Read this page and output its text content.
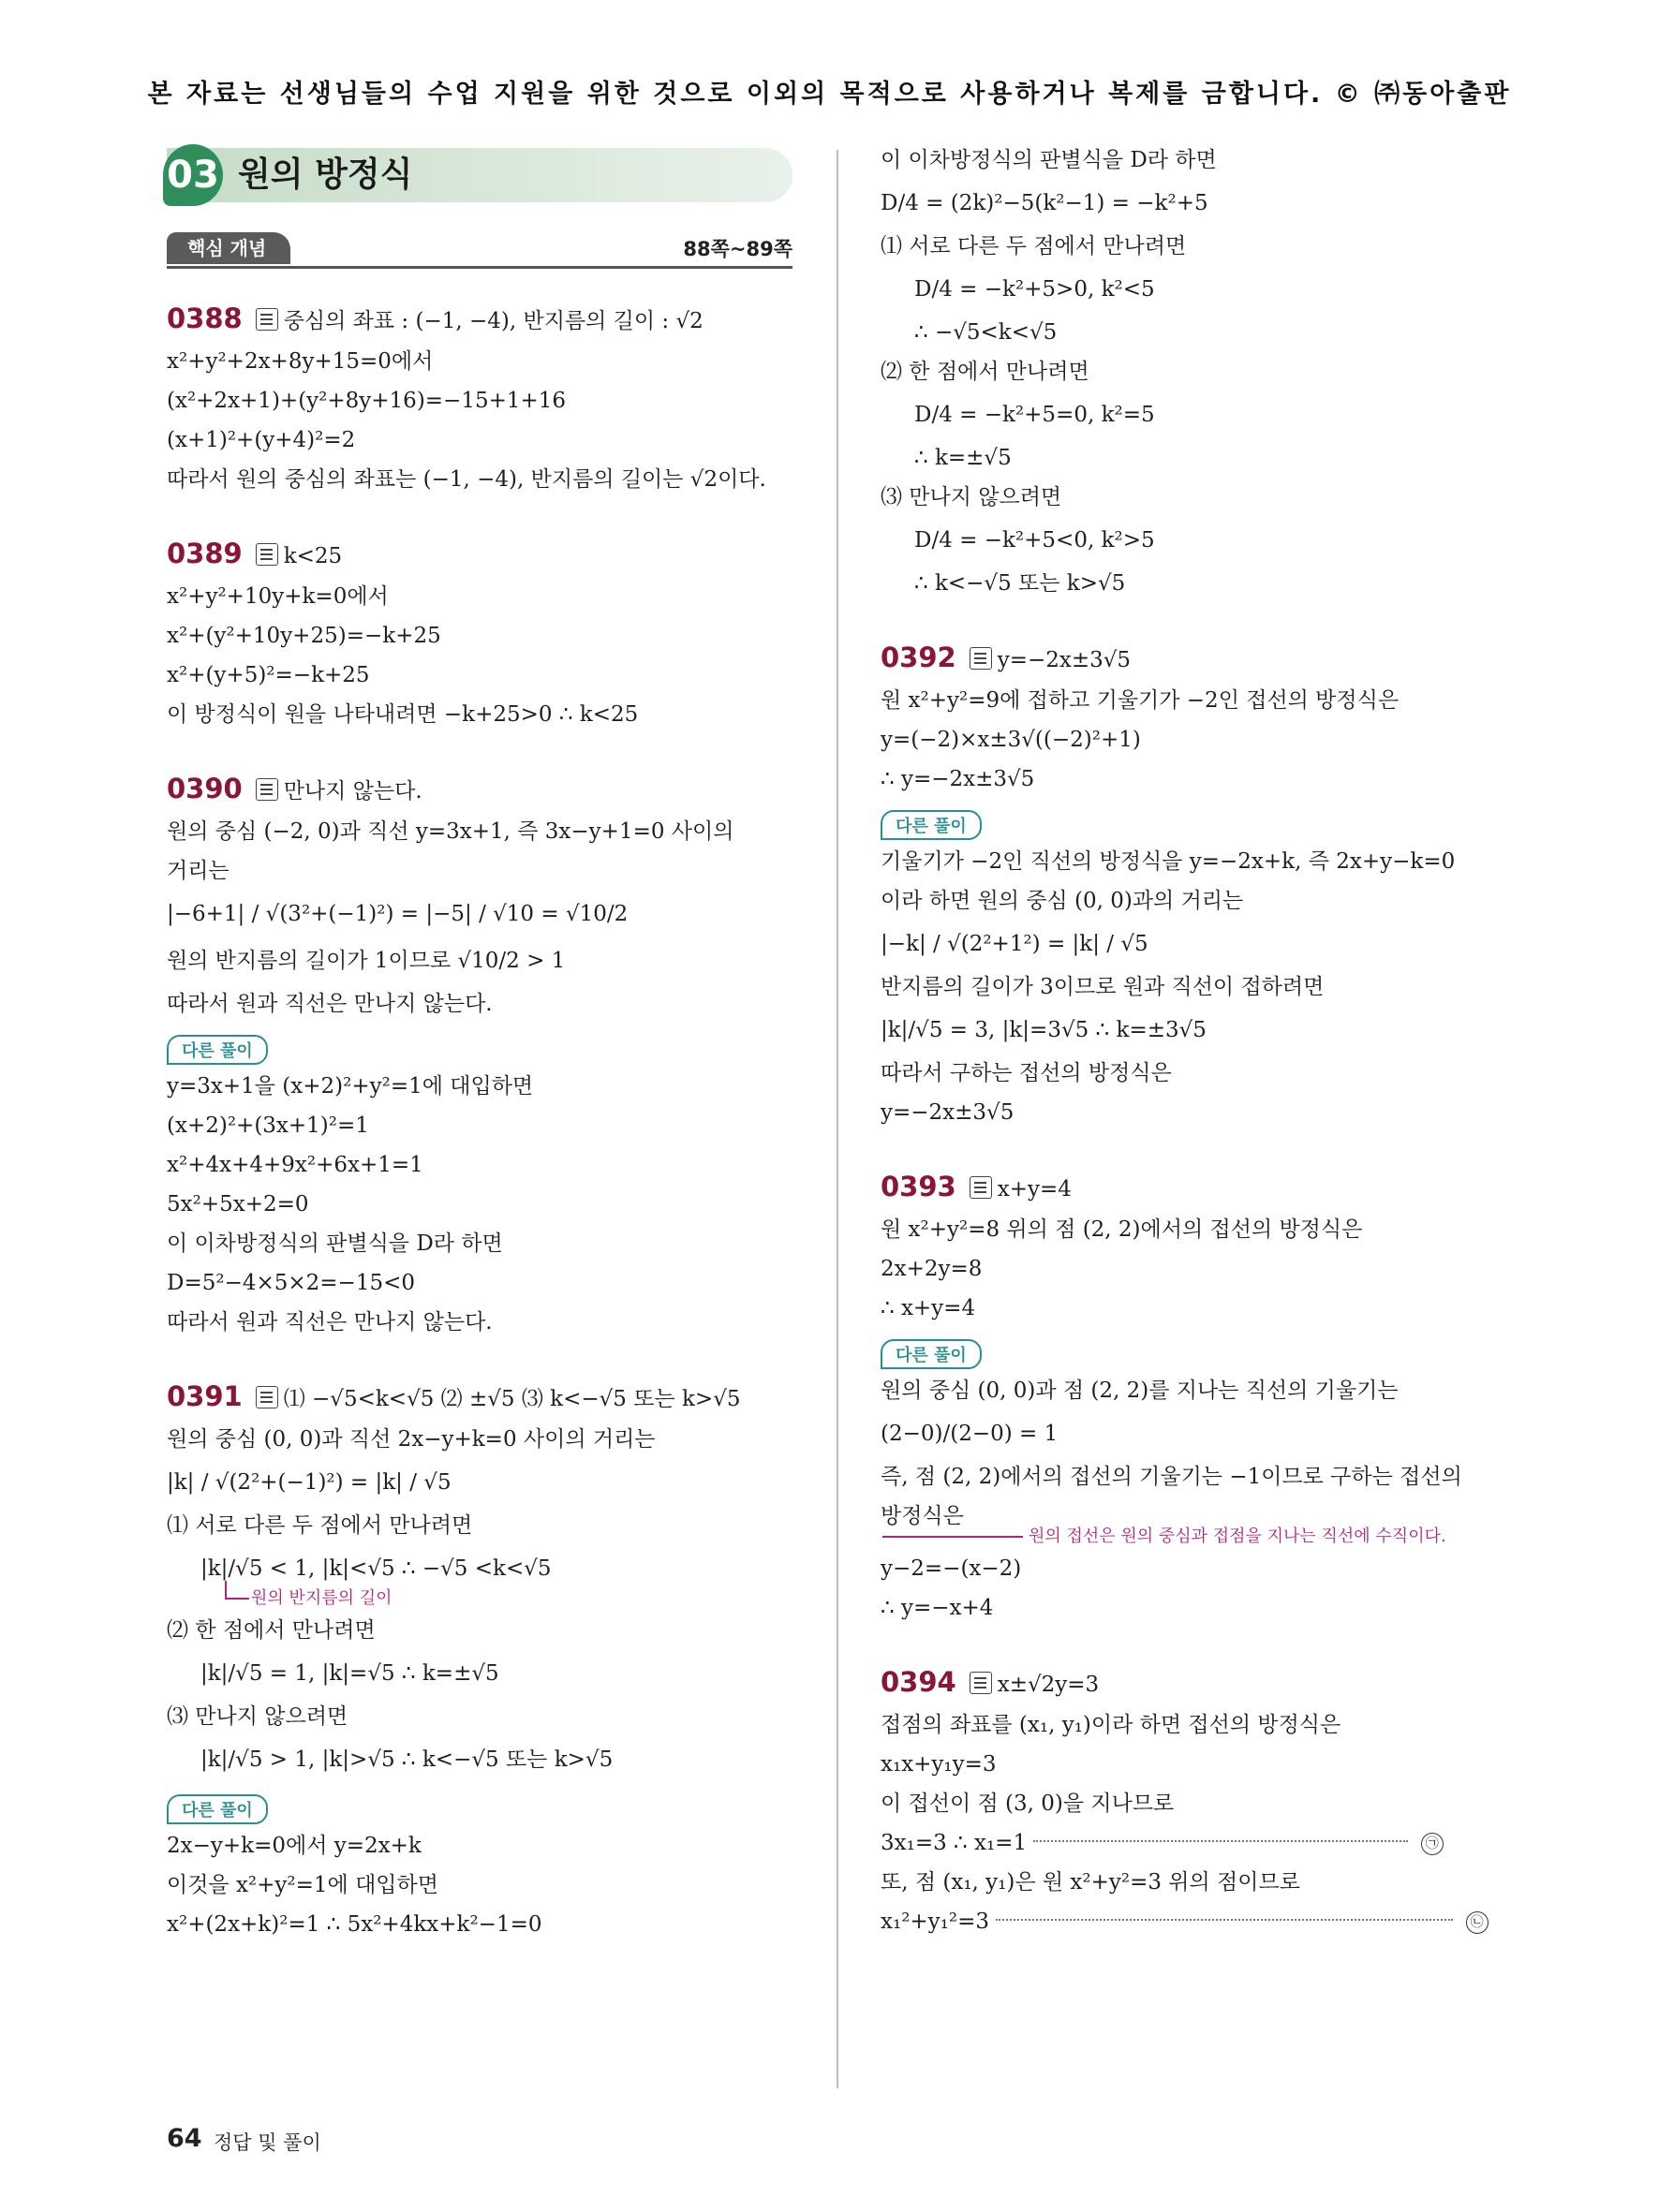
본 자료는 선생님들의 수업 지원을 위한 것으로 이외의 목적으로 사용하거나 복제를 금합니다. © ㈜동아출판
03 원의 방정식
핵심 개념	88쪽~89쪽
0388 중심의 좌표 : (−1, −4), 반지름의 길이 : √2
x²+y²+2x+8y+15=0에서
(x²+2x+1)+(y²+8y+16)=−15+1+16
(x+1)²+(y+4)²=2
따라서 원의 중심의 좌표는 (−1, −4), 반지름의 길이는 √2이다.
0389 k<25
x²+y²+10y+k=0에서
x²+(y²+10y+25)=−k+25
x²+(y+5)²=−k+25
이 방정식이 원을 나타내려면 −k+25>0 ∴ k<25
0390 만나지 않는다.
원의 중심 (−2, 0)과 직선 y=3x+1, 즉 3x−y+1=0 사이의
거리는
|−6+1| / √(3²+(−1)²) = |−5| / √10 = √10/2
원의 반지름의 길이가 1이므로 √10/2 > 1
따라서 원과 직선은 만나지 않는다.
다른 풀이
y=3x+1을 (x+2)²+y²=1에 대입하면
(x+2)²+(3x+1)²=1
x²+4x+4+9x²+6x+1=1
5x²+5x+2=0
이 이차방정식의 판별식을 D라 하면
D=5²−4×5×2=−15<0
따라서 원과 직선은 만나지 않는다.
0391 ⑴ −√5<k<√5 ⑵ ±√5 ⑶ k<−√5 또는 k>√5
원의 중심 (0, 0)과 직선 2x−y+k=0 사이의 거리는
|k| / √(2²+(−1)²) = |k| / √5
⑴ 서로 다른 두 점에서 만나려면
|k|/√5 < 1, |k|<√5 ∴ −√5 <k<√5
원의 반지름의 길이
⑵ 한 점에서 만나려면
|k|/√5 = 1, |k|=√5 ∴ k=±√5
⑶ 만나지 않으려면
|k|/√5 > 1, |k|>√5 ∴ k<−√5 또는 k>√5
다른 풀이
2x−y+k=0에서 y=2x+k
이것을 x²+y²=1에 대입하면
x²+(2x+k)²=1 ∴ 5x²+4kx+k²−1=0
이 이차방정식의 판별식을 D라 하면
D/4 = (2k)²−5(k²−1) = −k²+5
⑴ 서로 다른 두 점에서 만나려면
D/4 = −k²+5>0, k²<5
∴ −√5<k<√5
⑵ 한 점에서 만나려면
D/4 = −k²+5=0, k²=5
∴ k=±√5
⑶ 만나지 않으려면
D/4 = −k²+5<0, k²>5
∴ k<−√5 또는 k>√5
0392 y=−2x±3√5
원 x²+y²=9에 접하고 기울기가 −2인 접선의 방정식은
y=(−2)×x±3√((−2)²+1)
∴ y=−2x±3√5
다른 풀이
기울기가 −2인 직선의 방정식을 y=−2x+k, 즉 2x+y−k=0
이라 하면 원의 중심 (0, 0)과의 거리는
|−k| / √(2²+1²) = |k| / √5
반지름의 길이가 3이므로 원과 직선이 접하려면
|k|/√5 = 3, |k|=3√5 ∴ k=±3√5
따라서 구하는 접선의 방정식은
y=−2x±3√5
0393 x+y=4
원 x²+y²=8 위의 점 (2, 2)에서의 접선의 방정식은
2x+2y=8
∴ x+y=4
다른 풀이
원의 중심 (0, 0)과 점 (2, 2)를 지나는 직선의 기울기는
(2−0)/(2−0) = 1
즉, 점 (2, 2)에서의 접선의 기울기는 −1이므로 구하는 접선의
방정식은
원의 접선은 원의 중심과 접점을 지나는 직선에 수직이다.
y−2=−(x−2)
∴ y=−x+4
0394 x±√2y=3
접점의 좌표를 (x₁, y₁)이라 하면 접선의 방정식은
x₁x+y₁y=3
이 접선이 점 (3, 0)을 지나므로
3x₁=3 ∴ x₁=1	㉠
또, 점 (x₁, y₁)은 원 x²+y²=3 위의 점이므로
x₁²+y₁²=3	㉡
64 정답 및 풀이
